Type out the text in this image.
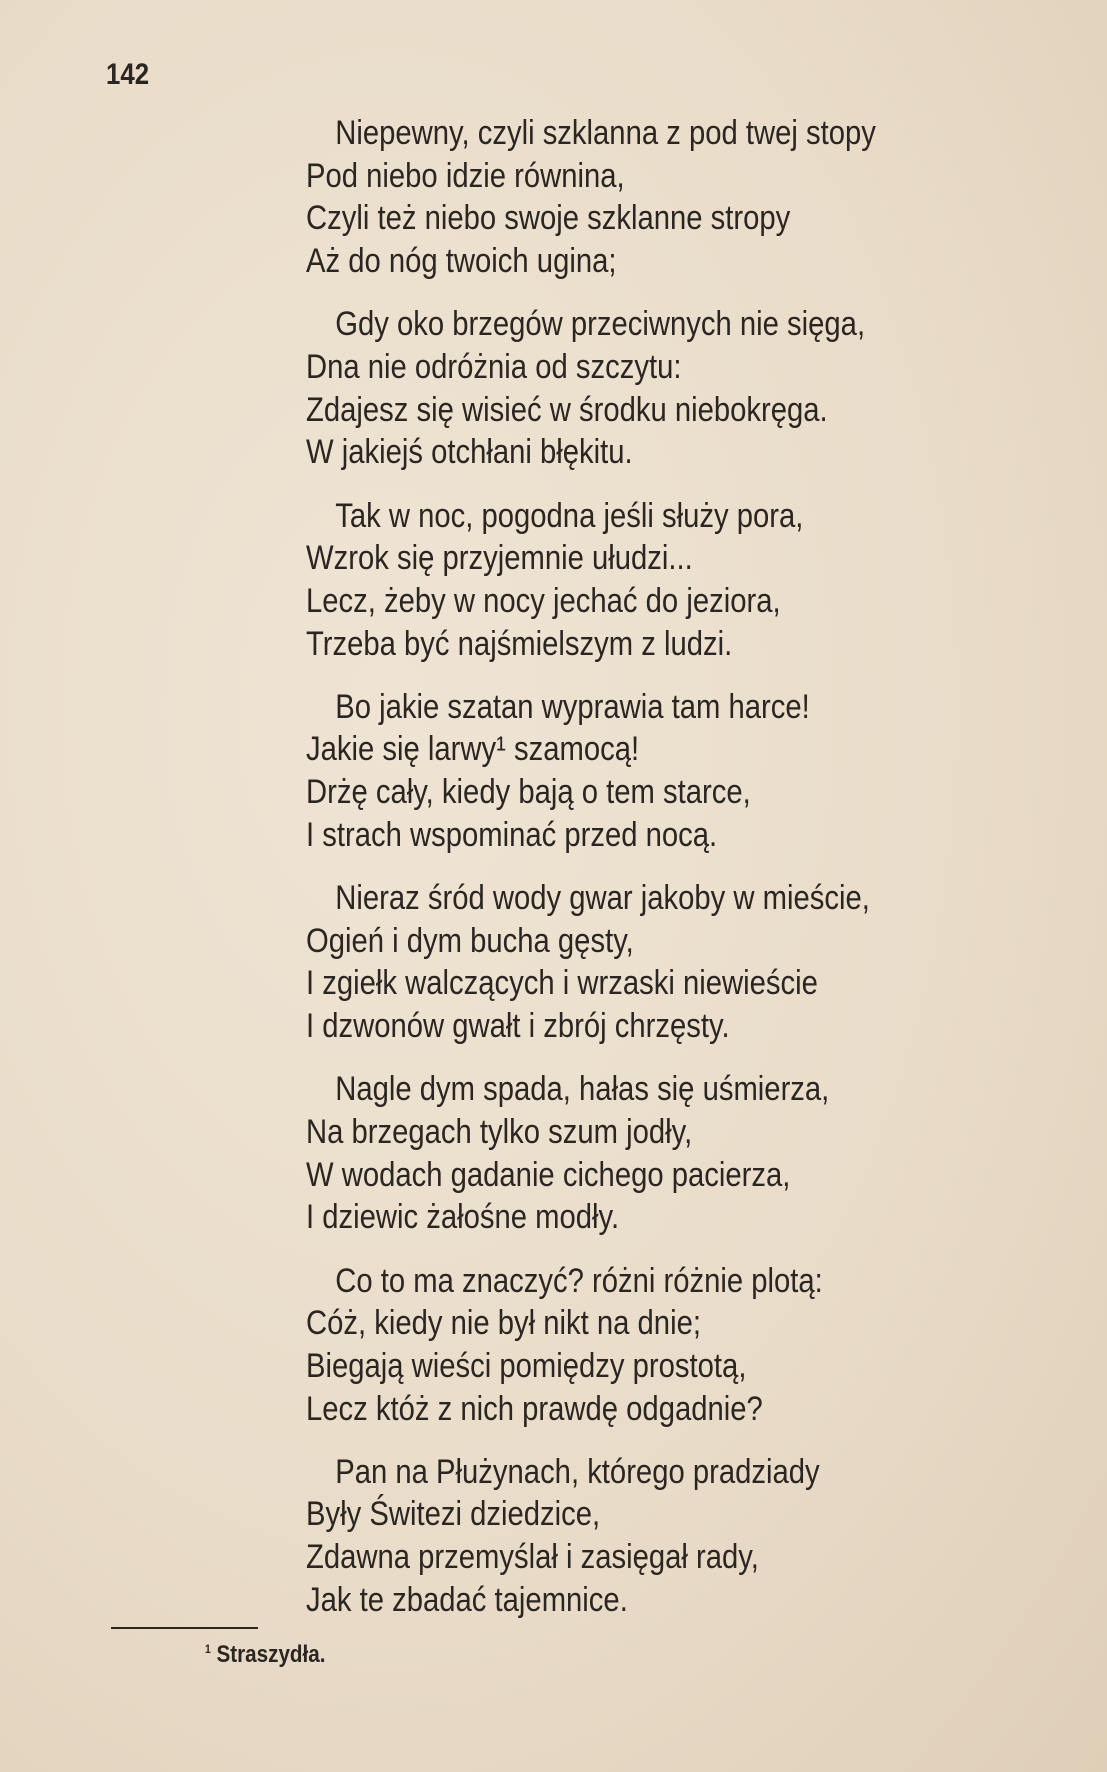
142
Niepewny, czyli szklanna z pod twej stopy
Pod niebo idzie równina,
Czyli też niebo swoje szklanne stropy
Aż do nóg twoich ugina;
Gdy oko brzegów przeciwnych nie sięga,
Dna nie odróżnia od szczytu:
Zdajesz się wisieć w środku niebokręga.
W jakiejś otchłani błękitu.
Tak w noc, pogodna jeśli służy pora,
Wzrok się przyjemnie ułudzi...
Lecz, żeby w nocy jechać do jeziora,
Trzeba być najśmielszym z ludzi.
Bo jakie szatan wyprawia tam harce!
Jakie się larwy¹ szamocą!
Drżę cały, kiedy bają o tem starce,
I strach wspominać przed nocą.
Nieraz śród wody gwar jakoby w mieście,
Ogień i dym bucha gęsty,
I zgiełk walczących i wrzaski niewieście
I dzwonów gwałt i zbrój chrzęsty.
Nagle dym spada, hałas się uśmierza,
Na brzegach tylko szum jodły,
W wodach gadanie cichego pacierza,
I dziewic żałośne modły.
Co to ma znaczyć? różni różnie plotą:
Cóż, kiedy nie był nikt na dnie;
Biegają wieści pomiędzy prostotą,
Lecz któż z nich prawdę odgadnie?
Pan na Płużynach, którego pradziady
Były Świtezi dziedzice,
Zdawna przemyślał i zasięgał rady,
Jak te zbadać tajemnice.
$^1$ Straszydła.
